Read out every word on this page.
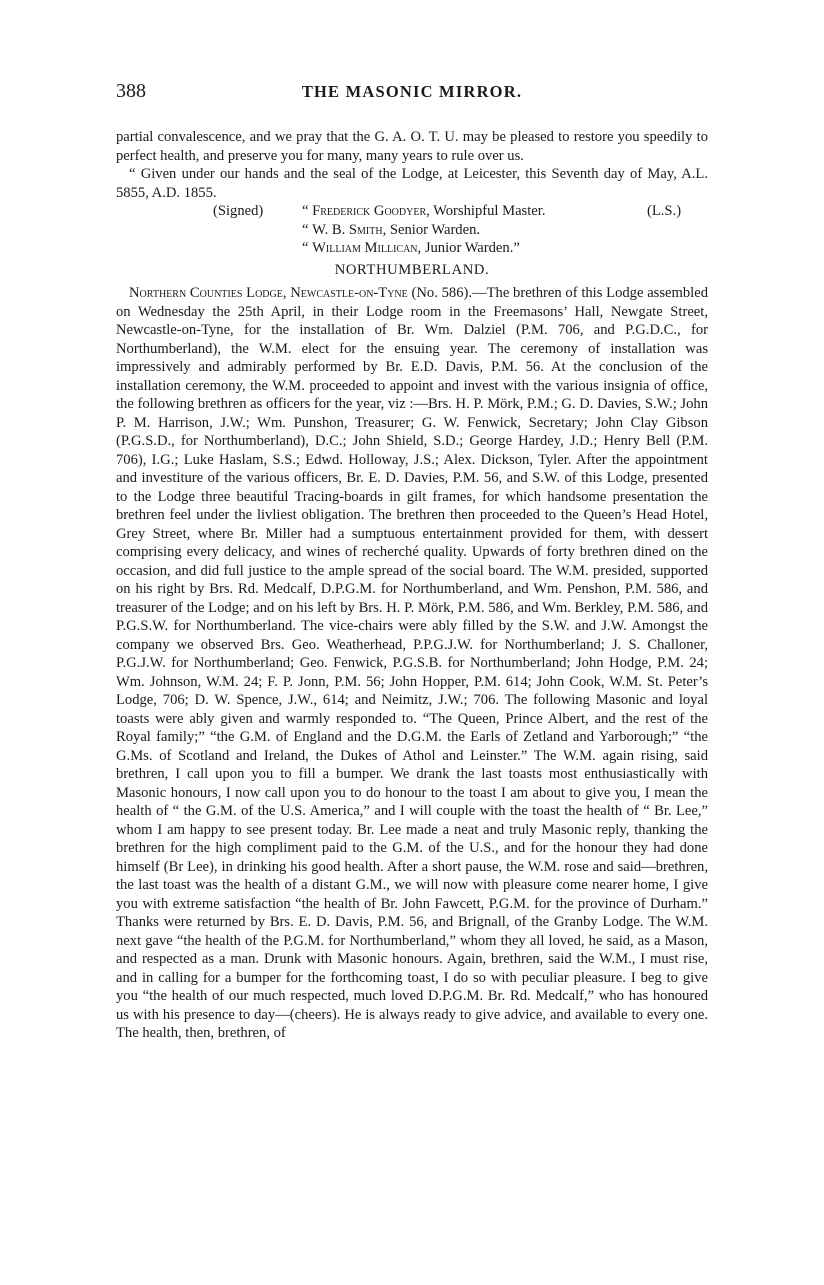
388	THE MASONIC MIRROR.

partial convalescence, and we pray that the G. A. O. T. U. may be pleased to restore you speedily to perfect health, and preserve you for many, many years to rule over us.

“ Given under our hands and the seal of the Lodge, at Leicester, this Seventh day of May, A.L. 5855, A.D. 1855.

(Signed)	“ Frederick Goodyer, Worshipful Master.	(L.S.)
“ W. B. Smith, Senior Warden.
“ William Millican, Junior Warden.”
NORTHUMBERLAND.

Northern Counties Lodge, Newcastle-on-Tyne (No. 586).—The brethren of this Lodge assembled on Wednesday the 25th April, in their Lodge room in the Freemasons’ Hall, Newgate Street, Newcastle-on-Tyne, for the installation of Br. Wm. Dalziel (P.M. 706, and P.G.D.C., for Northumberland), the W.M. elect for the ensuing year. The ceremony of installation was impressively and admirably performed by Br. E.D. Davis, P.M. 56. At the conclusion of the installation ceremony, the W.M. proceeded to appoint and invest with the various insignia of office, the following brethren as officers for the year, viz :—Brs. H. P. Mörk, P.M.; G. D. Davies, S.W.; John P. M. Harrison, J.W.; Wm. Punshon, Treasurer; G. W. Fenwick, Secretary; John Clay Gibson (P.G.S.D., for Northumberland), D.C.; John Shield, S.D.; George Hardey, J.D.; Henry Bell (P.M. 706), I.G.; Luke Haslam, S.S.; Edwd. Holloway, J.S.; Alex. Dickson, Tyler. After the appointment and investiture of the various officers, Br. E. D. Davies, P.M. 56, and S.W. of this Lodge, presented to the Lodge three beautiful Tracing-boards in gilt frames, for which handsome presentation the brethren feel under the livliest obligation. The brethren then proceeded to the Queen’s Head Hotel, Grey Street, where Br. Miller had a sumptuous entertainment provided for them, with dessert comprising every delicacy, and wines of recherché quality. Upwards of forty brethren dined on the occasion, and did full justice to the ample spread of the social board. The W.M. presided, supported on his right by Brs. Rd. Medcalf, D.P.G.M. for Northumberland, and Wm. Penshon, P.M. 586, and treasurer of the Lodge; and on his left by Brs. H. P. Mörk, P.M. 586, and Wm. Berkley, P.M. 586, and P.G.S.W. for Northumberland. The vice-chairs were ably filled by the S.W. and J.W. Amongst the company we observed Brs. Geo. Weatherhead, P.P.G.J.W. for Northumberland; J. S. Challoner, P.G.J.W. for Northumberland; Geo. Fenwick, P.G.S.B. for Northumberland; John Hodge, P.M. 24; Wm. Johnson, W.M. 24; F. P. Jonn, P.M. 56; John Hopper, P.M. 614; John Cook, W.M. St. Peter’s Lodge, 706; D. W. Spence, J.W., 614; and Neimitz, J.W.; 706. The following Masonic and loyal toasts were ably given and warmly responded to. “The Queen, Prince Albert, and the rest of the Royal family;” “the G.M. of England and the D.G.M. the Earls of Zetland and Yarborough;” “the G.Ms. of Scotland and Ireland, the Dukes of Athol and Leinster.” The W.M. again rising, said brethren, I call upon you to fill a bumper. We drank the last toasts most enthusiastically with Masonic honours, I now call upon you to do honour to the toast I am about to give you, I mean the health of “ the G.M. of the U.S. America,” and I will couple with the toast the health of “ Br. Lee,” whom I am happy to see present today. Br. Lee made a neat and truly Masonic reply, thanking the brethren for the high compliment paid to the G.M. of the U.S., and for the honour they had done himself (Br Lee), in drinking his good health. After a short pause, the W.M. rose and said—brethren, the last toast was the health of a distant G.M., we will now with pleasure come nearer home, I give you with extreme satisfaction “the health of Br. John Fawcett, P.G.M. for the province of Durham.” Thanks were returned by Brs. E. D. Davis, P.M. 56, and Brignall, of the Granby Lodge. The W.M. next gave “the health of the P.G.M. for Northumberland,” whom they all loved, he said, as a Mason, and respected as a man. Drunk with Masonic honours. Again, brethren, said the W.M., I must rise, and in calling for a bumper for the forthcoming toast, I do so with peculiar pleasure. I beg to give you “the health of our much respected, much loved D.P.G.M. Br. Rd. Medcalf,” who has honoured us with his presence to day—(cheers). He is always ready to give advice, and available to every one. The health, then, brethren, of
